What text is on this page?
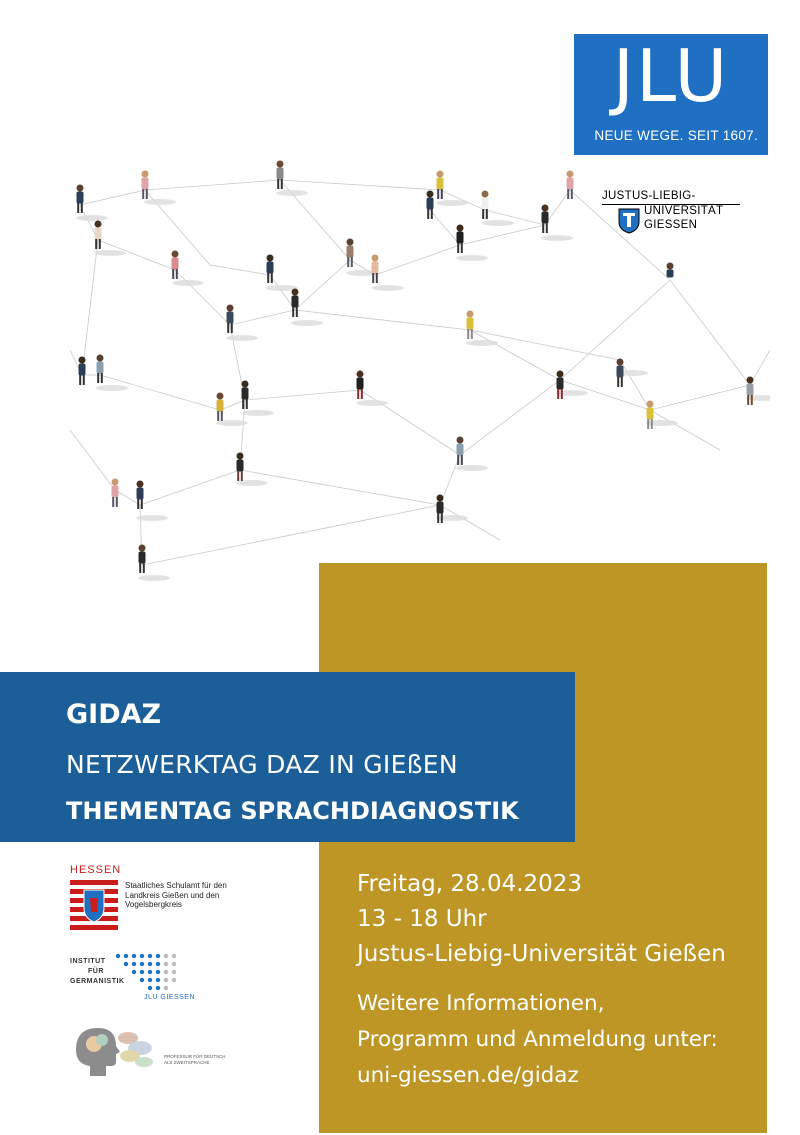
JLU
NEUE WEGE. SEIT 1607.
JUSTUS-LIEBIG-
UNIVERSITÄT
GIESSEN
GIDAZ
NETZWERKTAG DAZ IN GIEßEN
THEMENTAG SPRACHDIAGNOSTIK
Freitag, 28.04.2023
13 - 18 Uhr
Justus-Liebig-Universität Gießen
Weitere Informationen,
Programm und Anmeldung unter:
uni-giessen.de/gidaz
HESSEN
Staatliches Schulamt für den Landkreis Gießen und den Vogelsbergkreis
INSTITUT
FÜR
GERMANISTIK
JLU GIESSEN
PROFESSUR FÜR DEUTSCH ALS ZWEITSPRACHE
